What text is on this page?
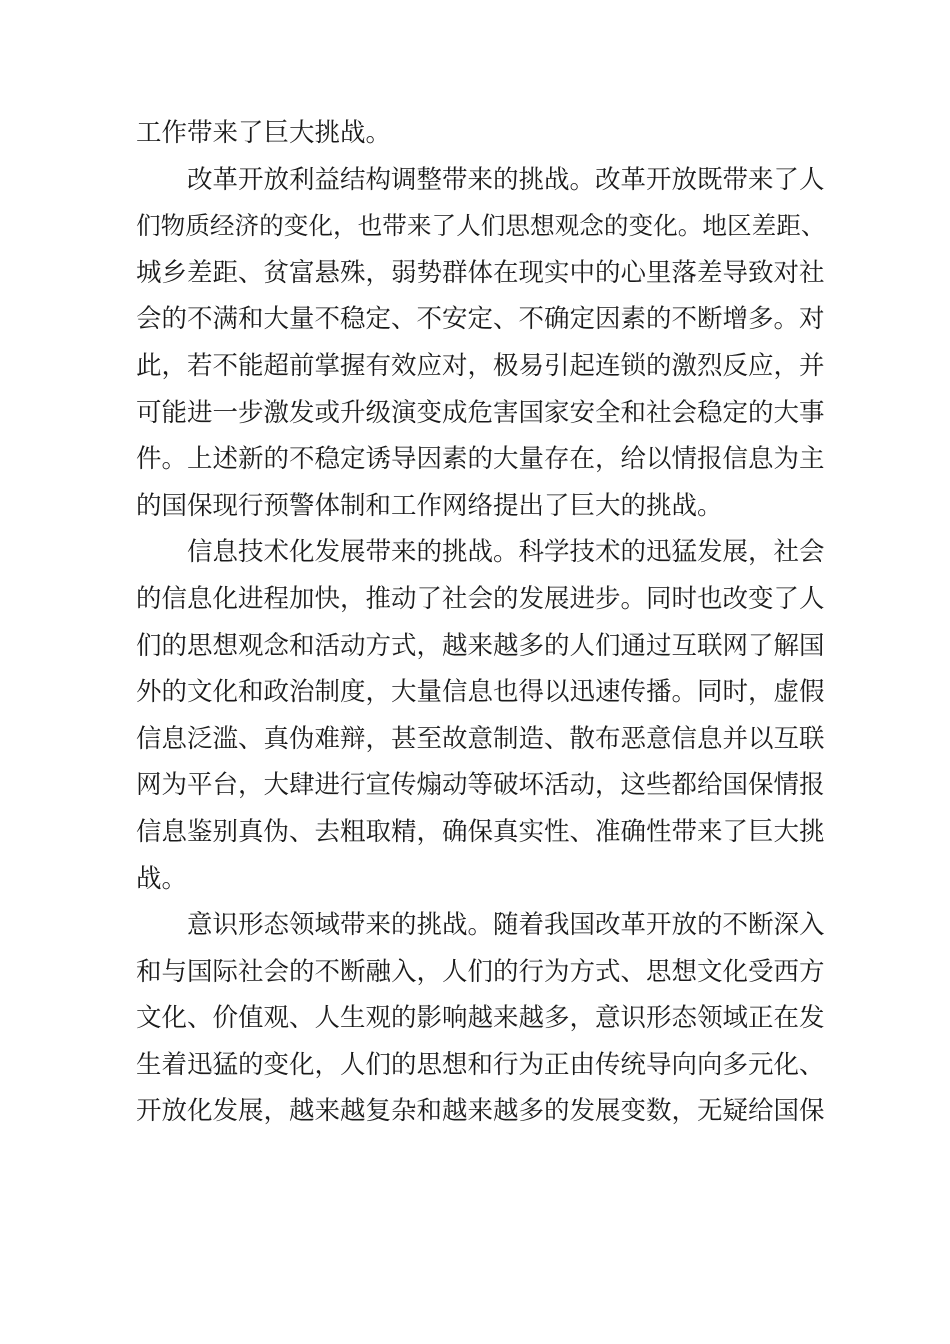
工作带来了巨大挑战。
改革开放利益结构调整带来的挑战。改革开放既带来了人
们物质经济的变化，也带来了人们思想观念的变化。地区差距、
城乡差距、贫富悬殊，弱势群体在现实中的心里落差导致对社
会的不满和大量不稳定、不安定、不确定因素的不断增多。对
此，若不能超前掌握有效应对，极易引起连锁的激烈反应，并
可能进一步激发或升级演变成危害国家安全和社会稳定的大事
件。上述新的不稳定诱导因素的大量存在，给以情报信息为主
的国保现行预警体制和工作网络提出了巨大的挑战。
信息技术化发展带来的挑战。科学技术的迅猛发展，社会
的信息化进程加快，推动了社会的发展进步。同时也改变了人
们的思想观念和活动方式，越来越多的人们通过互联网了解国
外的文化和政治制度，大量信息也得以迅速传播。同时，虚假
信息泛滥、真伪难辩，甚至故意制造、散布恶意信息并以互联
网为平台，大肆进行宣传煽动等破坏活动，这些都给国保情报
信息鉴别真伪、去粗取精，确保真实性、准确性带来了巨大挑
战。
意识形态领域带来的挑战。随着我国改革开放的不断深入
和与国际社会的不断融入，人们的行为方式、思想文化受西方
文化、价值观、人生观的影响越来越多，意识形态领域正在发
生着迅猛的变化，人们的思想和行为正由传统导向向多元化、
开放化发展，越来越复杂和越来越多的发展变数，无疑给国保
